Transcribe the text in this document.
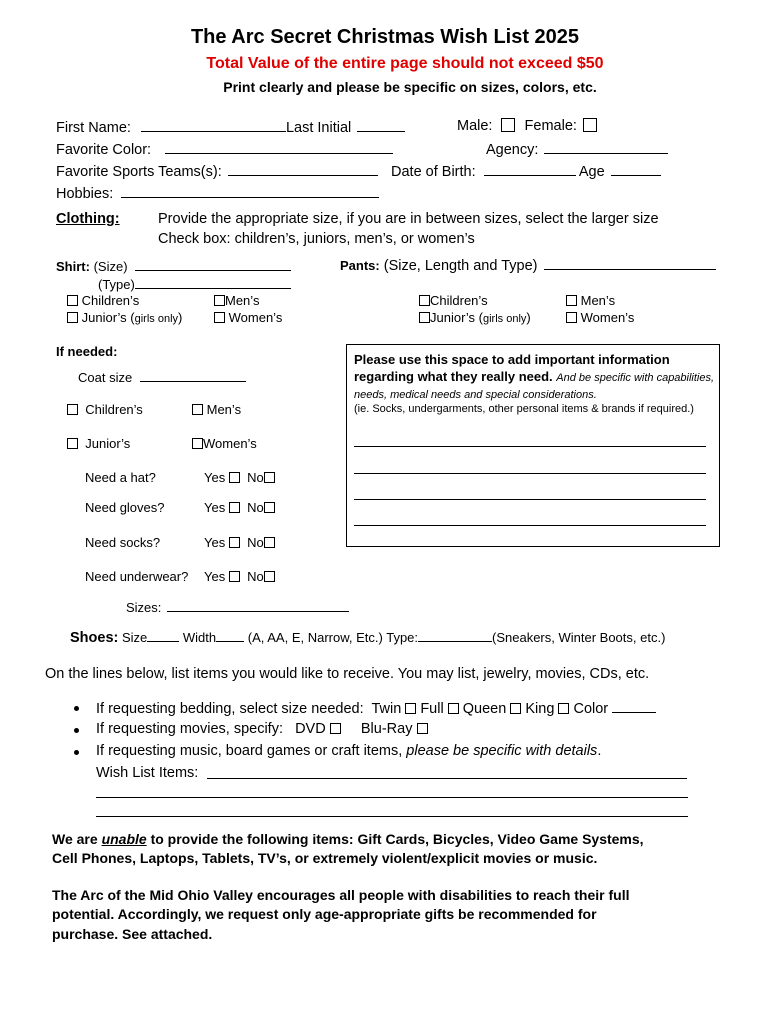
The Arc Secret Christmas Wish List 2025
Total Value of the entire page should not exceed $50
Print clearly and please be specific on sizes, colors, etc.
First Name:	Last Initial	Male: Female:
Favorite Color:	Agency:
Favorite Sports Teams(s):	Date of Birth:	Age
Hobbies:
Clothing:	Provide the appropriate size, if you are in between sizes, select the larger size
Check box: children’s, juniors, men’s, or women’s
Shirt: (Size)
(Type)
Pants: (Size, Length and Type)
Children’s	Men’s
Junior’s (girls only)	Women’s
Children’s	Men’s
Junior’s (girls only)	Women’s
If needed:
Coat size
Children’s	Men’s
Junior’s	Women’s
Need a hat?	Yes No
Need gloves?	Yes No
Need socks?	Yes No
Need underwear? Yes No
Sizes:
Please use this space to add important information regarding what they really need. And be specific with capabilities, needs, medical needs and special considerations.
(ie. Socks, undergarments, other personal items & brands if required.)
Shoes: Size	Width (A, AA, E, Narrow, Etc.) Type:	(Sneakers, Winter Boots, etc.)
On the lines below, list items you would like to receive. You may list, jewelry, movies, CDs, etc.
If requesting bedding, select size needed: Twin Full Queen King Color
If requesting movies, specify: DVD Blu-Ray
If requesting music, board games or craft items, please be specific with details.
Wish List Items:
We are unable to provide the following items: Gift Cards, Bicycles, Video Game Systems,
Cell Phones, Laptops, Tablets, TV’s, or extremely violent/explicit movies or music.
The Arc of the Mid Ohio Valley encourages all people with disabilities to reach their full
potential. Accordingly, we request only age-appropriate gifts be recommended for
purchase. See attached.
